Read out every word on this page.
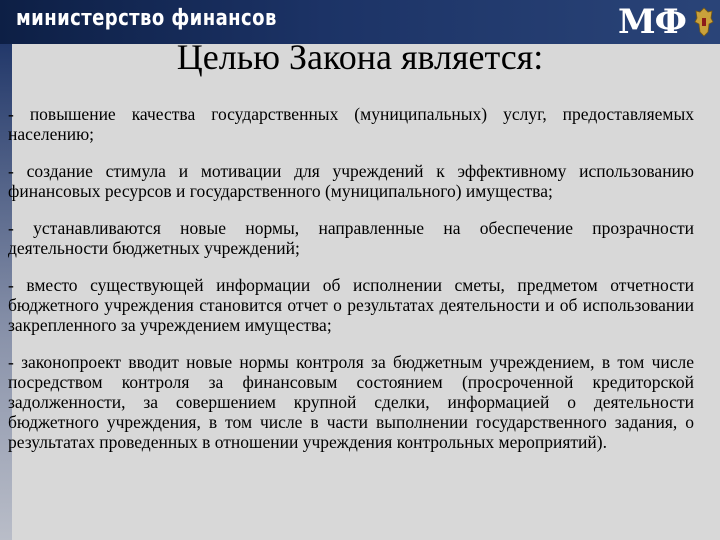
министерство финансов	МФ
Целью Закона является:
- повышение качества государственных (муниципальных) услуг, предоставляемых населению;
- создание стимула и мотивации для учреждений к эффективному использованию финансовых ресурсов и государственного (муниципального) имущества;
- устанавливаются новые нормы, направленные на обеспечение прозрачности деятельности бюджетных учреждений;
- вместо существующей информации об исполнении сметы, предметом отчетности бюджетного учреждения становится отчет о результатах деятельности и об использовании закрепленного за учреждением имущества;
- законопроект вводит новые нормы контроля за бюджетным учреждением, в том числе посредством контроля за финансовым состоянием (просроченной кредиторской задолженности, за совершением крупной сделки, информацией о деятельности бюджетного учреждения, в том числе в части выполнении государственного задания, о результатах проведенных в отношении учреждения контрольных мероприятий).
